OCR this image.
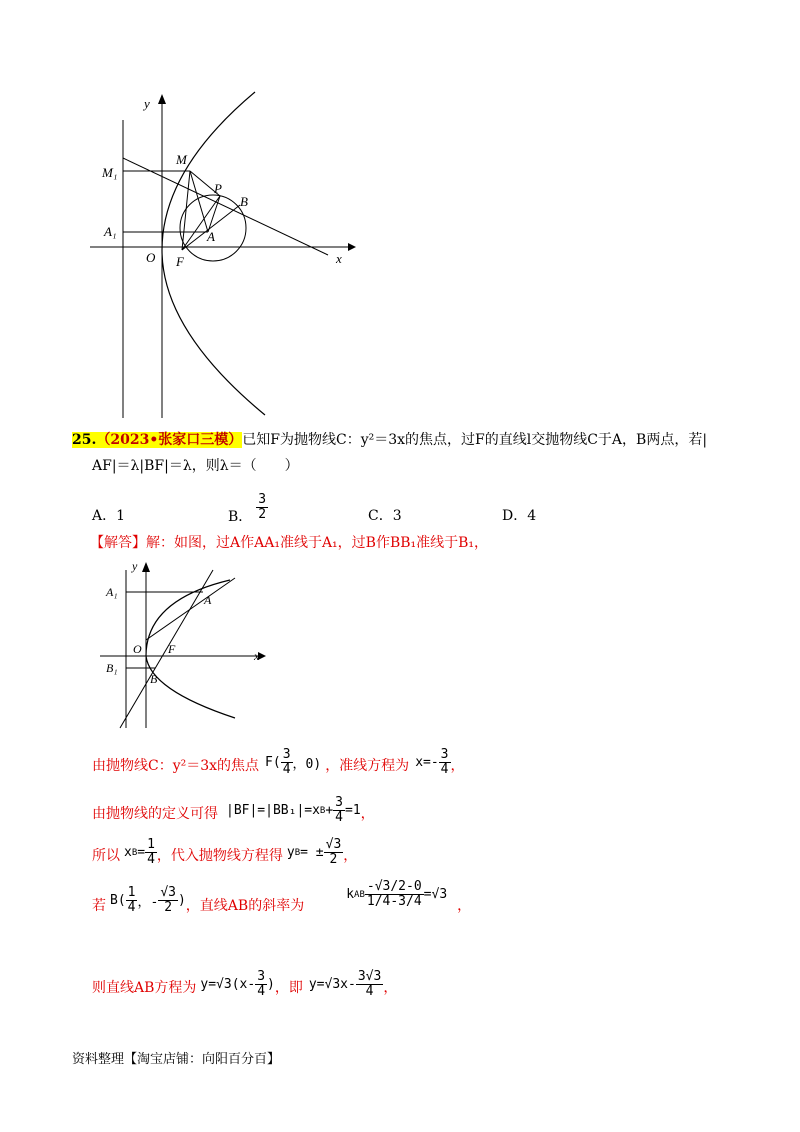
y
x
O
M
M₁
P
B
A₁	A
F
25.（2023•张家口三模）已知F为抛物线C：y²＝3x的焦点，过F的直线l交抛物线C于A，B两点，若|
AF|＝λ|BF|＝λ，则λ＝（　　）
A．1	B． $\frac{3}{2}$	C．3	D．4
【解答】解：如图，过A作AA₁准线于A₁，过B作BB₁准线于B₁，
y
x
A₁
A
O F
B₁
B
由抛物线C：y²＝3x的焦点 $F( \frac{3}{4}$ ，0) ，准线方程为 $x=- \frac{3}{4}$ ，
由抛物线的定义可得 |BF|=|BB₁|=x $B + \frac{3}{4} =1$ ，
所以 x $B = \frac{1}{4}$ ，代入抛物线方程得 y B = ± $\frac{√3}{2}$ ，
若 $B( \frac{1}{4}$ ，- $\frac{√3}{2}$ ) ，直线AB的斜率为
k AB $\frac{-√3/2-0}{1/4-3/4} =√3$
，
则直线AB方程为 $y=√3(x- \frac{3}{4}$ ) ，即 $y=√3x- \frac{3√3}{4}$ ，
资料整理【淘宝店铺：向阳百分百】
